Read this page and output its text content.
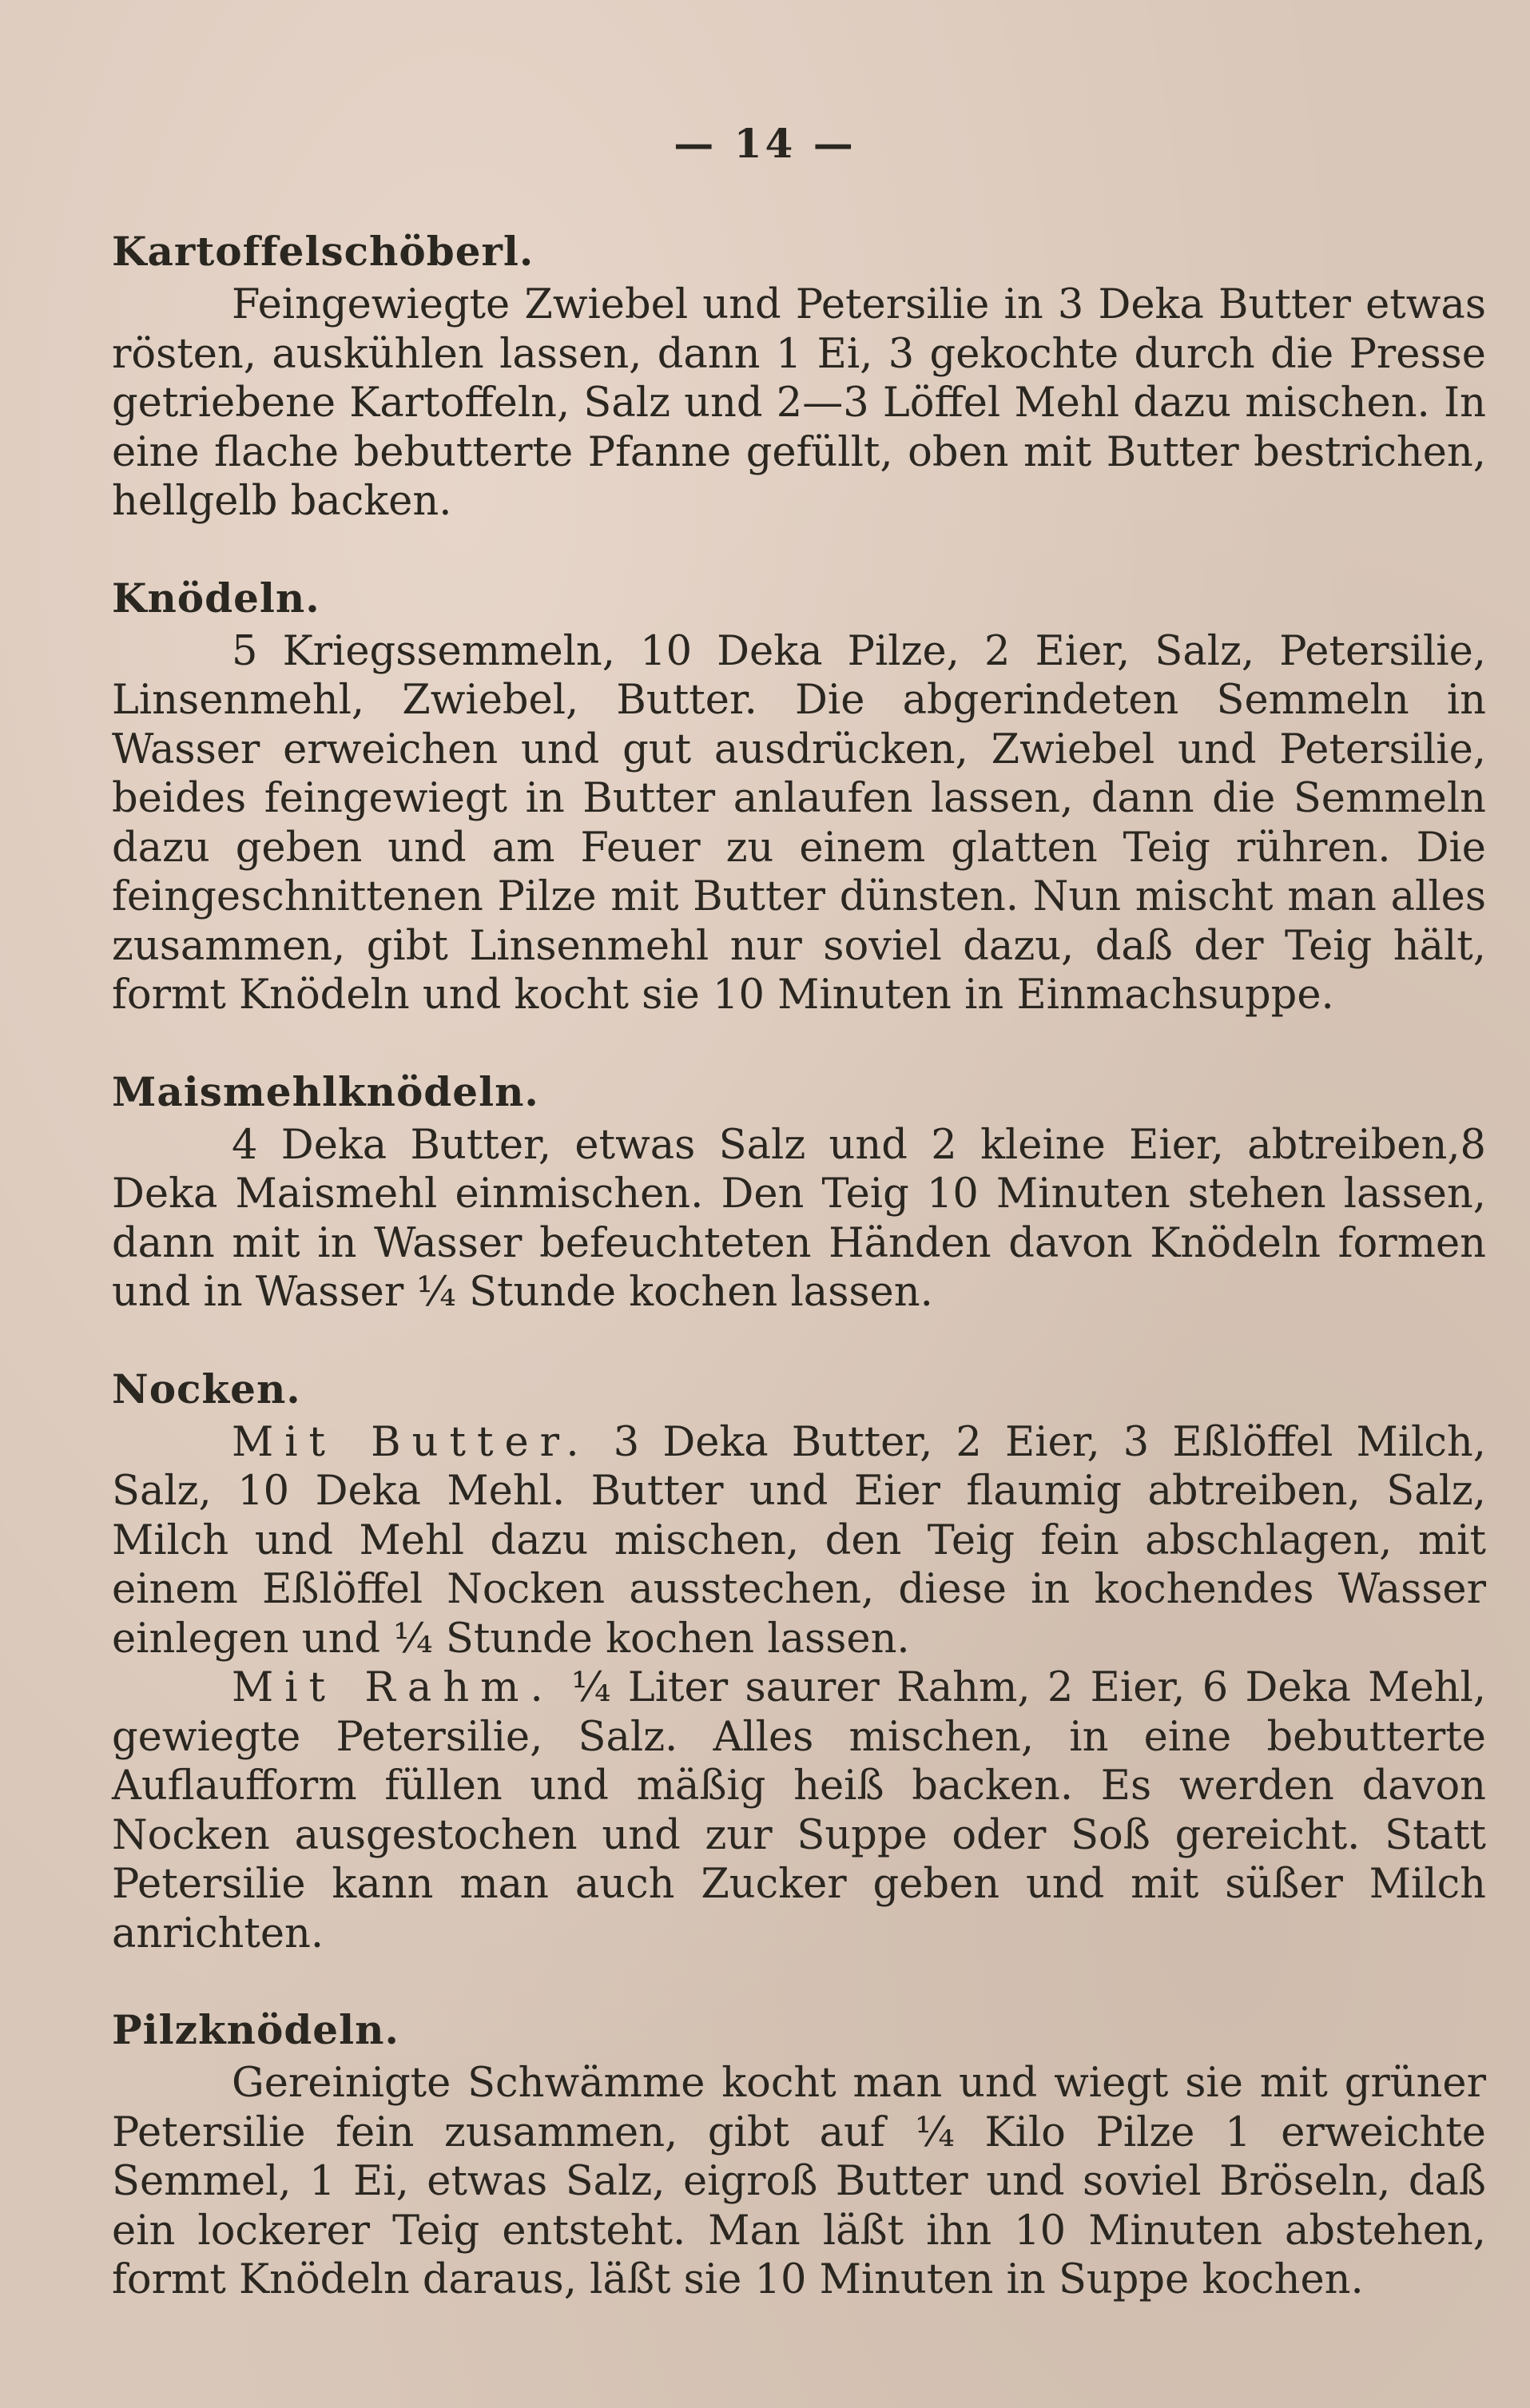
— 14 —
Kartoffelschöberl.

Feingewiegte Zwiebel und Petersilie in 3 Deka Butter etwas rösten, auskühlen lassen, dann 1 Ei, 3 gekochte durch die Presse getriebene Kartoffeln, Salz und 2—3 Löffel Mehl dazu mischen. In eine flache bebutterte Pfanne gefüllt, oben mit Butter bestrichen, hellgelb backen.

Knödeln.

5 Kriegssemmeln, 10 Deka Pilze, 2 Eier, Salz, Petersilie, Linsenmehl, Zwiebel, Butter. Die abgerindeten Semmeln in Wasser erweichen und gut ausdrücken, Zwiebel und Petersilie, beides feingewiegt in Butter anlaufen lassen, dann die Semmeln dazu geben und am Feuer zu einem glatten Teig rühren. Die feingeschnittenen Pilze mit Butter dünsten. Nun mischt man alles zusammen, gibt Linsenmehl nur soviel dazu, daß der Teig hält, formt Knödeln und kocht sie 10 Minuten in Einmachsuppe.

Maismehlknödeln.

4 Deka Butter, etwas Salz und 2 kleine Eier, abtreiben,8 Deka Maismehl einmischen. Den Teig 10 Minuten stehen lassen, dann mit in Wasser befeuchteten Händen davon Knödeln formen und in Wasser ¼ Stunde kochen lassen.

Nocken.

Mit Butter. 3 Deka Butter, 2 Eier, 3 Eßlöffel Milch, Salz, 10 Deka Mehl. Butter und Eier flaumig abtreiben, Salz, Milch und Mehl dazu mischen, den Teig fein abschlagen, mit einem Eßlöffel Nocken ausstechen, diese in kochendes Wasser einlegen und ¼ Stunde kochen lassen.

Mit Rahm. ¼ Liter saurer Rahm, 2 Eier, 6 Deka Mehl, gewiegte Petersilie, Salz. Alles mischen, in eine bebutterte Auflaufform füllen und mäßig heiß backen. Es werden davon Nocken ausgestochen und zur Suppe oder Soß gereicht. Statt Petersilie kann man auch Zucker geben und mit süßer Milch anrichten.

Pilzknödeln.

Gereinigte Schwämme kocht man und wiegt sie mit grüner Petersilie fein zusammen, gibt auf ¼ Kilo Pilze 1 erweichte Semmel, 1 Ei, etwas Salz, eigroß Butter und soviel Bröseln, daß ein lockerer Teig entsteht. Man läßt ihn 10 Minuten abstehen, formt Knödeln daraus, läßt sie 10 Minuten in Suppe kochen.
